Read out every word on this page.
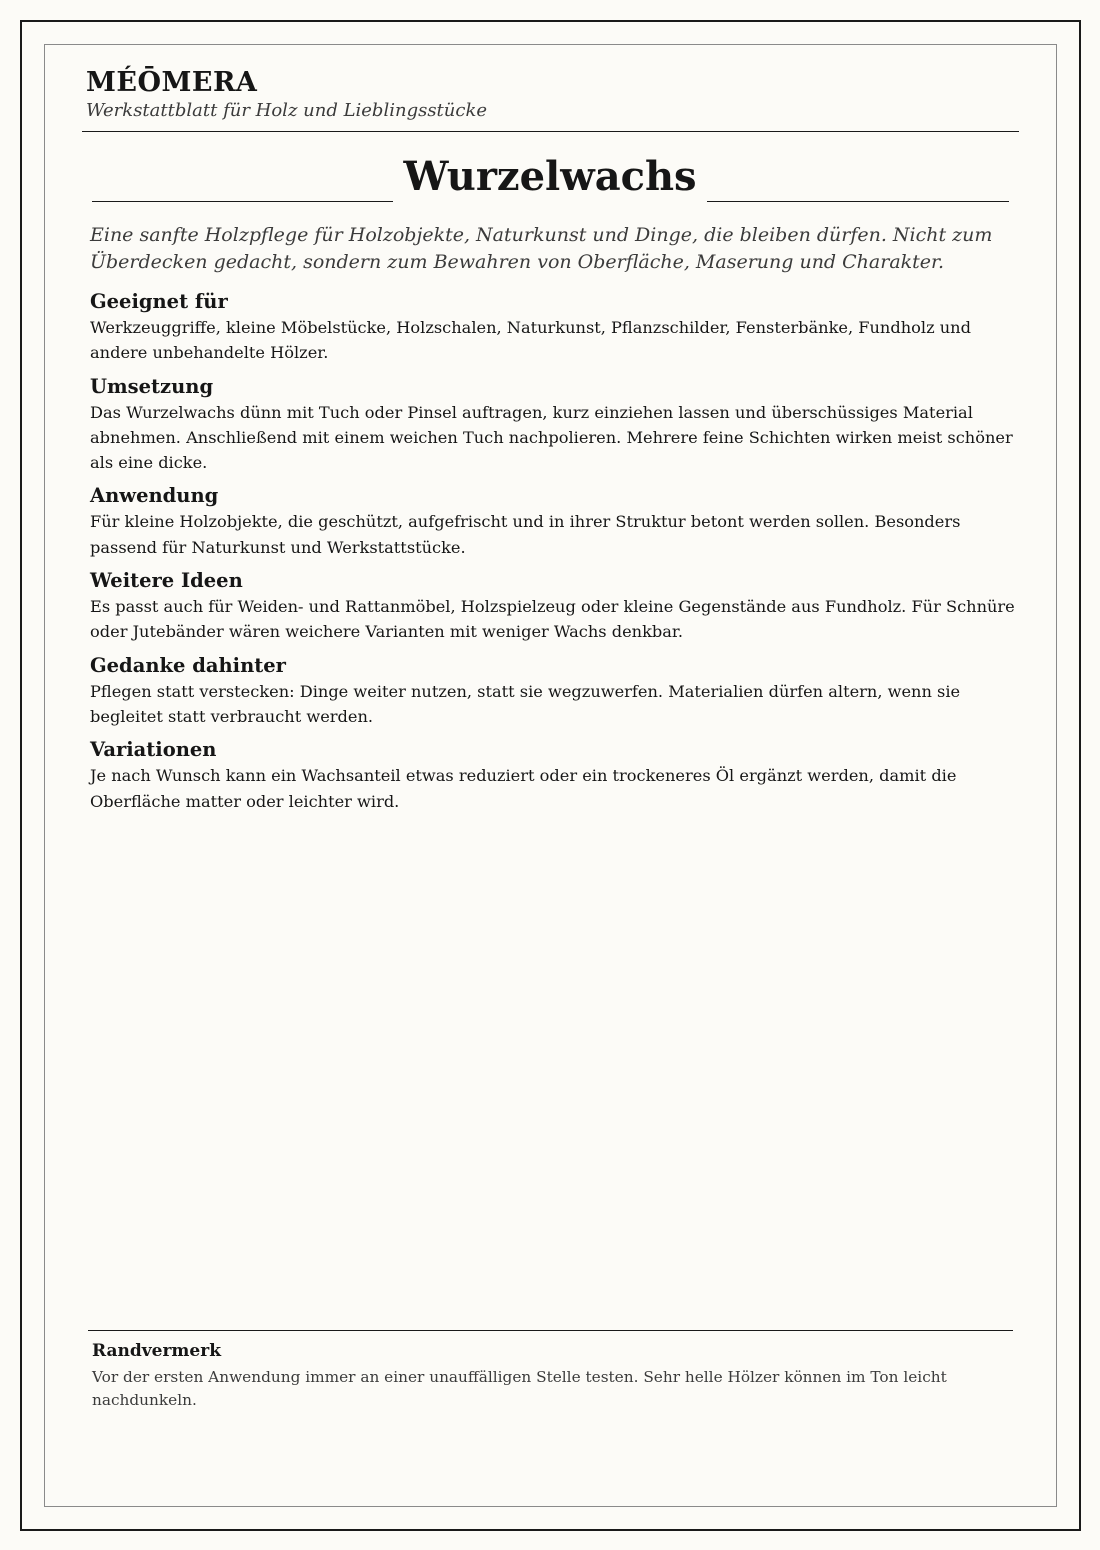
MÉŌMERA
Werkstattblatt für Holz und Lieblingsstücke
Wurzelwachs

Eine sanfte Holzpflege für Holzobjekte, Naturkunst und Dinge, die bleiben dürfen. Nicht zum Überdecken gedacht, sondern zum Bewahren von Oberfläche, Maserung und Charakter.

Geeignet für

Werkzeuggriffe, kleine Möbelstücke, Holzschalen, Naturkunst, Pflanzschilder, Fensterbänke, Fundholz und andere unbehandelte Hölzer.

Umsetzung

Das Wurzelwachs dünn mit Tuch oder Pinsel auftragen, kurz einziehen lassen und überschüssiges Material abnehmen. Anschließend mit einem weichen Tuch nachpolieren. Mehrere feine Schichten wirken meist schöner als eine dicke.

Anwendung

Für kleine Holzobjekte, die geschützt, aufgefrischt und in ihrer Struktur betont werden sollen. Besonders passend für Naturkunst und Werkstattstücke.

Weitere Ideen

Es passt auch für Weiden- und Rattanmöbel, Holzspielzeug oder kleine Gegenstände aus Fundholz. Für Schnüre oder Jutebänder wären weichere Varianten mit weniger Wachs denkbar.

Gedanke dahinter

Pflegen statt verstecken: Dinge weiter nutzen, statt sie wegzuwerfen. Materialien dürfen altern, wenn sie begleitet statt verbraucht werden.

Variationen

Je nach Wunsch kann ein Wachsanteil etwas reduziert oder ein trockeneres Öl ergänzt werden, damit die Oberfläche matter oder leichter wird.

Randvermerk

Vor der ersten Anwendung immer an einer unauffälligen Stelle testen. Sehr helle Hölzer können im Ton leicht nachdunkeln.
